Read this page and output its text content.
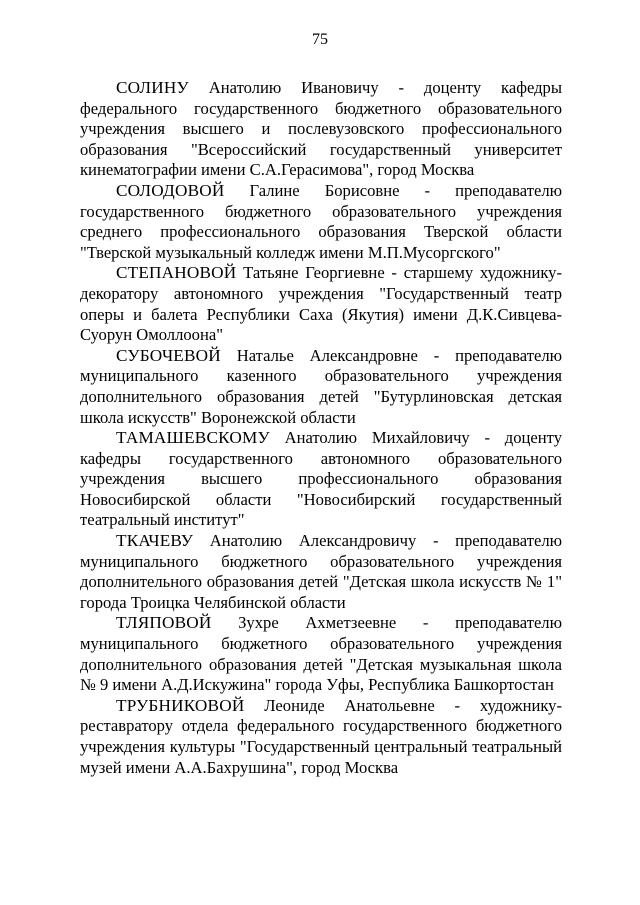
75

СОЛИНУ Анатолию Ивановичу - доценту кафедры федерального государственного бюджетного образовательного учреждения высшего и послевузовского профессионального образования "Всероссийский государственный университет кинематографии имени С.А.Герасимова", город Москва

СОЛОДОВОЙ Галине Борисовне - преподавателю государственного бюджетного образовательного учреждения среднего профессионального образования Тверской области "Тверской музыкальный колледж имени М.П.Мусоргского"

СТЕПАНОВОЙ Татьяне Георгиевне - старшему художнику-декоратору автономного учреждения "Государственный театр оперы и балета Республики Саха (Якутия) имени Д.К.Сивцева-Суорун Омоллоона"

СУБОЧЕВОЙ Наталье Александровне - преподавателю муниципального казенного образовательного учреждения дополнительного образования детей "Бутурлиновская детская школа искусств" Воронежской области

ТАМАШЕВСКОМУ Анатолию Михайловичу - доценту кафедры государственного автономного образовательного учреждения высшего профессионального образования Новосибирской области "Новосибирский государственный театральный институт"

ТКАЧЕВУ Анатолию Александровичу - преподавателю муниципального бюджетного образовательного учреждения дополнительного образования детей "Детская школа искусств № 1" города Троицка Челябинской области

ТЛЯПОВОЙ Зухре Ахметзеевне - преподавателю муниципального бюджетного образовательного учреждения дополнительного образования детей "Детская музыкальная школа № 9 имени А.Д.Искужина" города Уфы, Республика Башкортостан

ТРУБНИКОВОЙ Леониде Анатольевне - художнику-реставратору отдела федерального государственного бюджетного учреждения культуры "Государственный центральный театральный музей имени А.А.Бахрушина", город Москва
